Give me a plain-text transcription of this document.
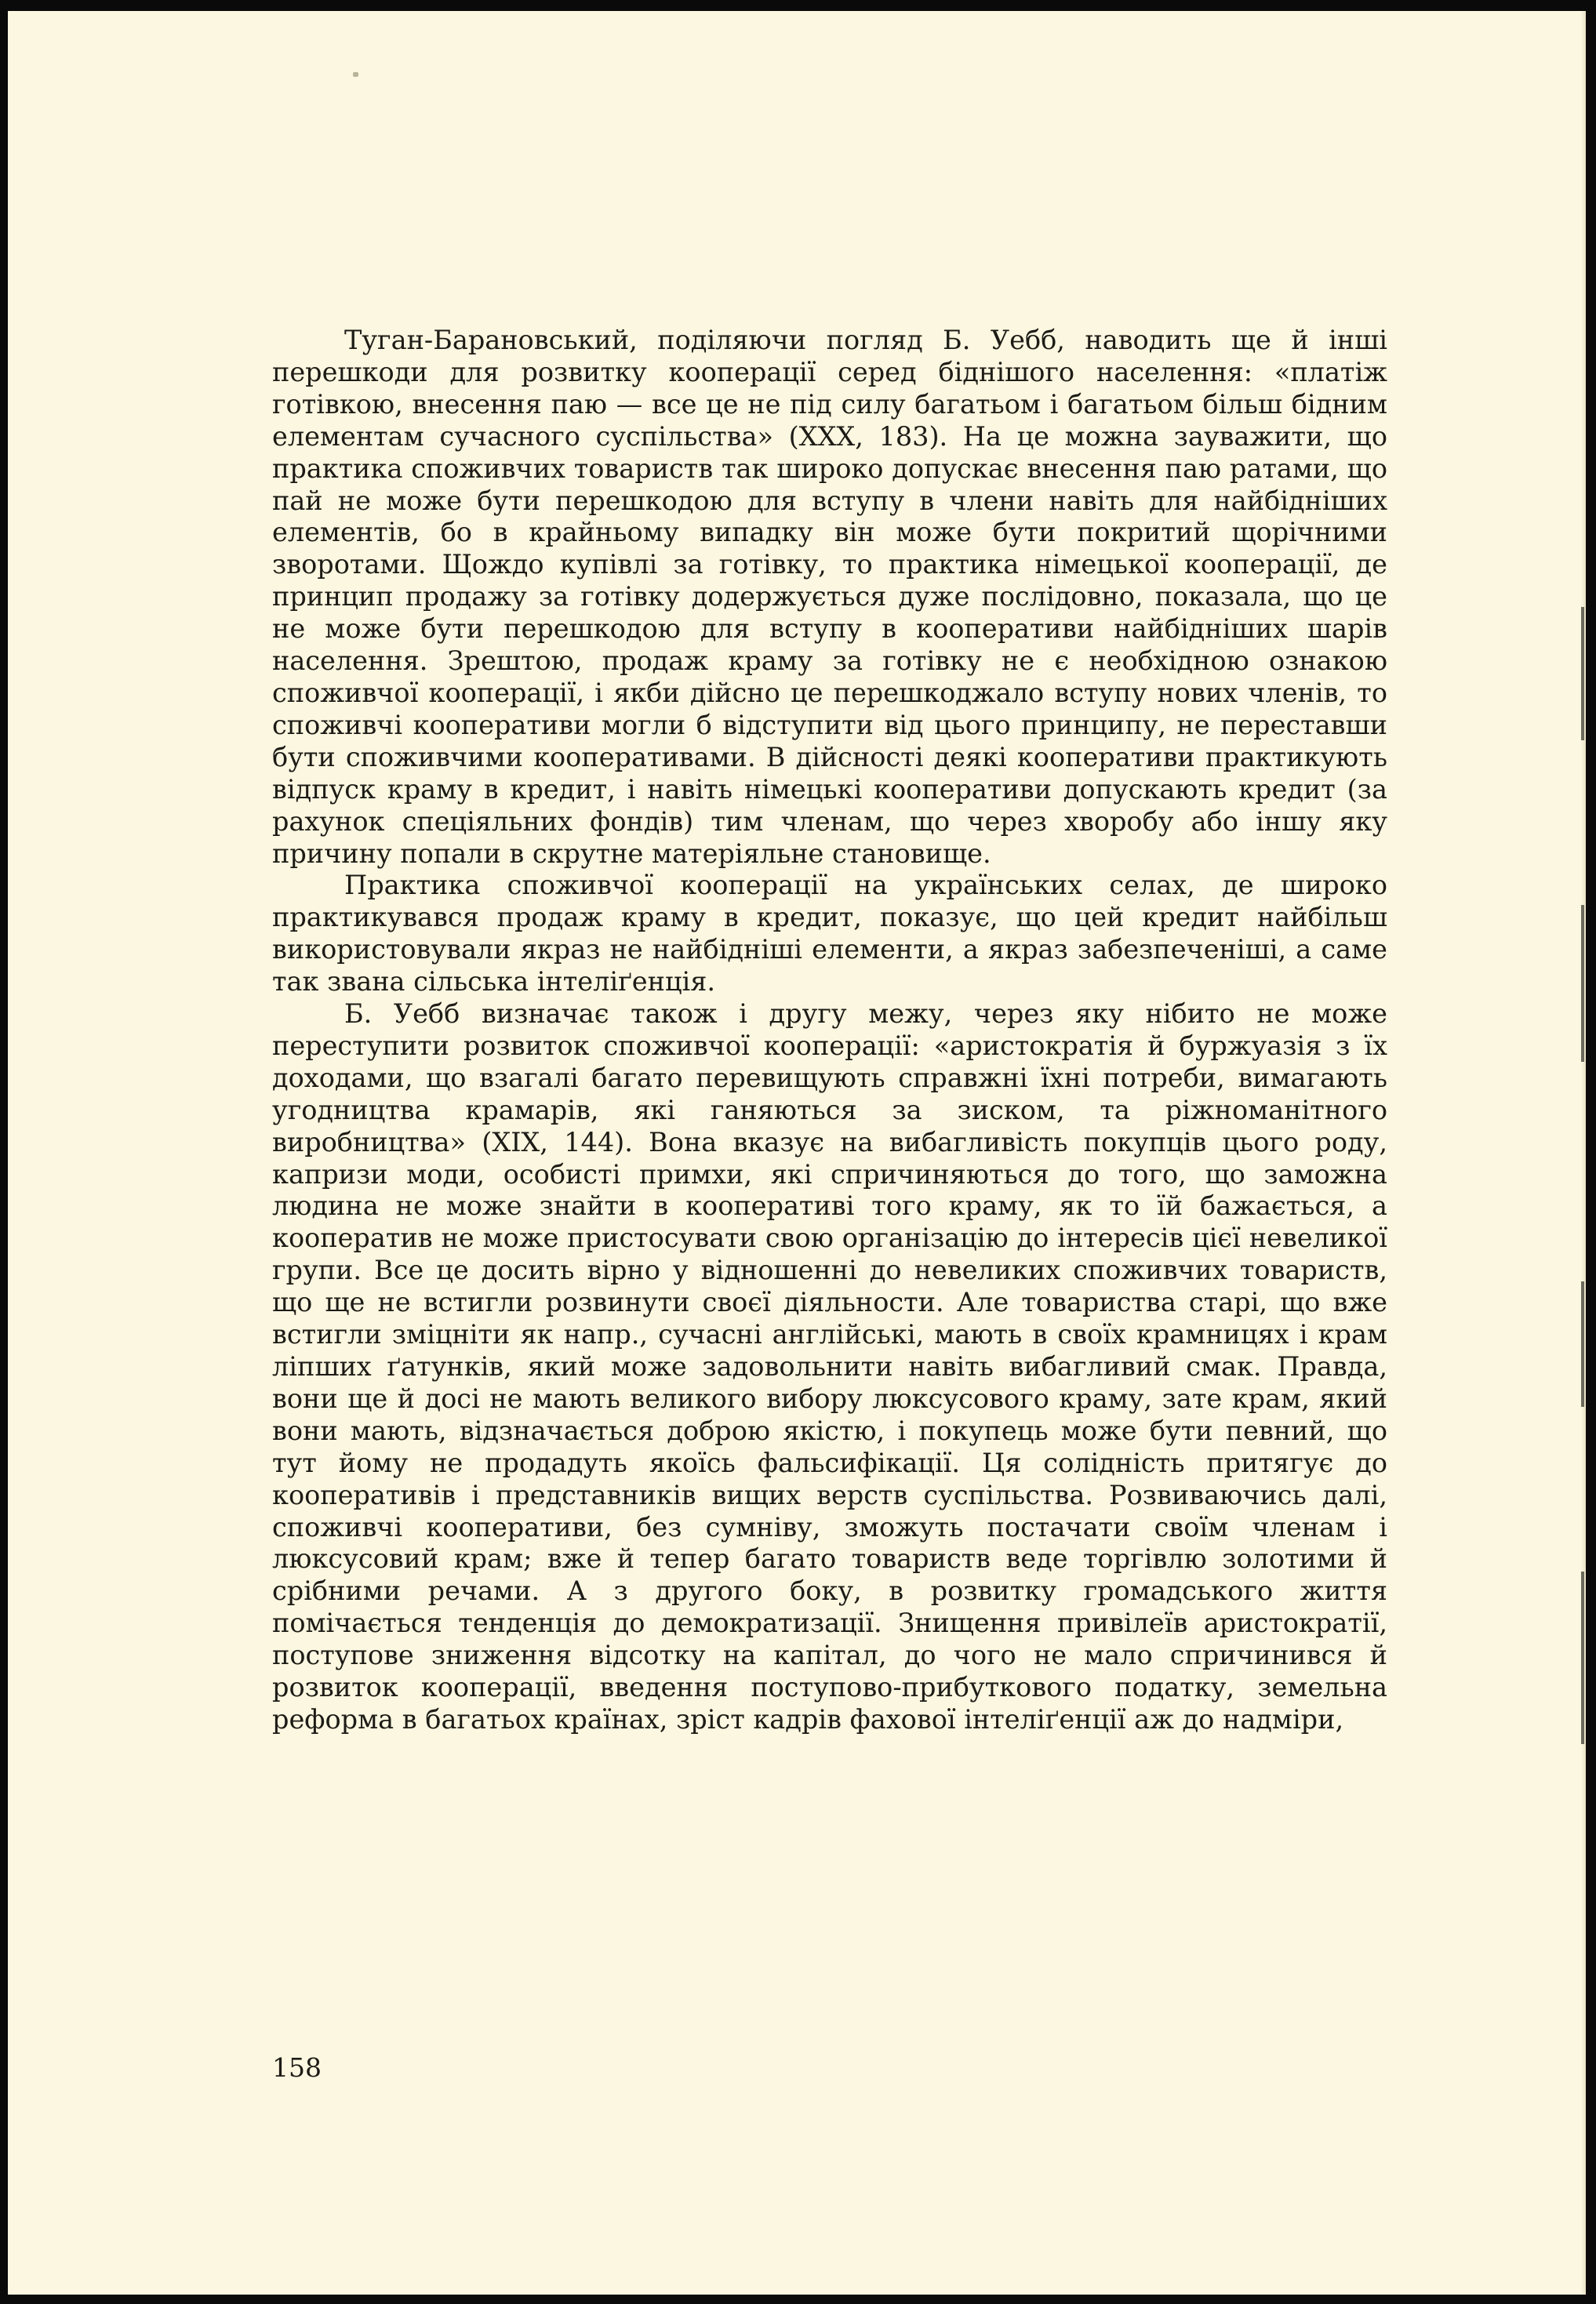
Туган-Барановський, поділяючи погляд Б. Уебб, наводить ще й інші перешкоди для розвитку кооперації серед біднішого населення: «платіж готівкою, внесення паю — все це не під силу багатьом і багатьом більш бідним елементам сучасного суспільства» (XXX, 183). На це можна зауважити, що практика споживчих товариств так широко допускає внесення паю ратами, що пай не може бути перешкодою для вступу в члени навіть для найбідніших елементів, бо в крайньому випадку він може бути покритий щорічними зворотами. Щождо купівлі за готівку, то практика німецької кооперації, де принцип продажу за готівку додержується дуже послідовно, показала, що це не може бути перешкодою для вступу в кооперативи найбідніших шарів населення. Зрештою, продаж краму за готівку не є необхідною ознакою споживчої кооперації, і якби дійсно це перешкоджало вступу нових членів, то споживчі кооперативи могли б відступити від цього принципу, не переставши бути споживчими кооперативами. В дійсності деякі кооперативи практикують відпуск краму в кредит, і навіть німецькі кооперативи допускають кредит (за рахунок спеціяльних фондів) тим членам, що через хворобу або іншу яку причину попали в скрутне матеріяльне становище.

Практика споживчої кооперації на українських селах, де широко практикувався продаж краму в кредит, показує, що цей кредит найбільш використовували якраз не найбідніші елементи, а якраз забезпеченіші, а саме так звана сільська інтеліґенція.

Б. Уебб визначає також і другу межу, через яку нібито не може переступити розвиток споживчої кооперації: «аристократія й буржуазія з їх доходами, що взагалі багато перевищують справжні їхні потреби, вимагають угодництва крамарів, які ганяються за зиском, та ріжноманітного виробництва» (XIX, 144). Вона вказує на вибагливість покупців цього роду, капризи моди, особисті примхи, які спричиняються до того, що заможна людина не може знайти в кооперативі того краму, як то їй бажається, а кооператив не може пристосувати свою організацію до інтересів цієї невеликої групи. Все це досить вірно у відношенні до невеликих споживчих товариств, що ще не встигли розвинути своєї діяльности. Але товариства старі, що вже встигли зміцніти як напр., сучасні англійські, мають в своїх крамницях і крам ліпших ґатунків, який може задовольнити навіть вибагливий смак. Правда, вони ще й досі не мають великого вибору люксусового краму, зате крам, який вони мають, відзначається доброю якістю, і покупець може бути певний, що тут йому не продадуть якоїсь фальсифікації. Ця солідність притягує до кооперативів і представників вищих верств суспільства. Розвиваючись далі, споживчі кооперативи, без сумніву, зможуть постачати своїм членам і люксусовий крам; вже й тепер багато товариств веде торгівлю золотими й срібними речами. А з другого боку, в розвитку громадського життя помічається тенденція до демократизації. Знищення привілеїв аристократії, поступове зниження відсотку на капітал, до чого не мало спричинився й розвиток кооперації, введення поступово-прибуткового податку, земельна реформа в багатьох країнах, зріст кадрів фахової інтеліґенції аж до надміри,

158
